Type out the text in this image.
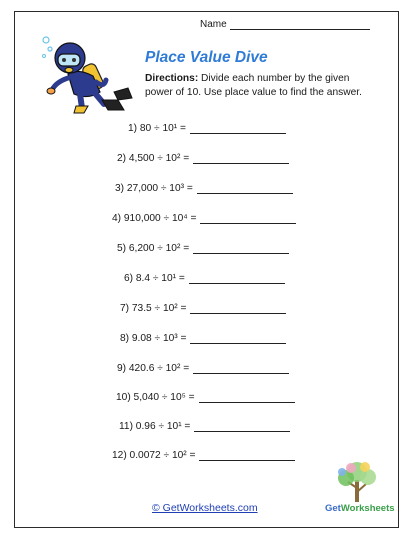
Name
Place Value Dive
Directions: Divide each number by the given power of 10. Use place value to find the answer.
1) 80 ÷ 10¹ =
2) 4,500 ÷ 10² =
3) 27,000 ÷ 10³ =
4) 910,000 ÷ 10⁴ =
5) 6,200 ÷ 10² =
6) 8.4 ÷ 10¹ =
7) 73.5 ÷ 10² =
8) 9.08 ÷ 10³ =
9) 420.6 ÷ 10² =
10) 5,040 ÷ 10⁵ =
11) 0.96 ÷ 10¹ =
12) 0.0072 ÷ 10² =
© GetWorksheets.com	GetWorksheets
